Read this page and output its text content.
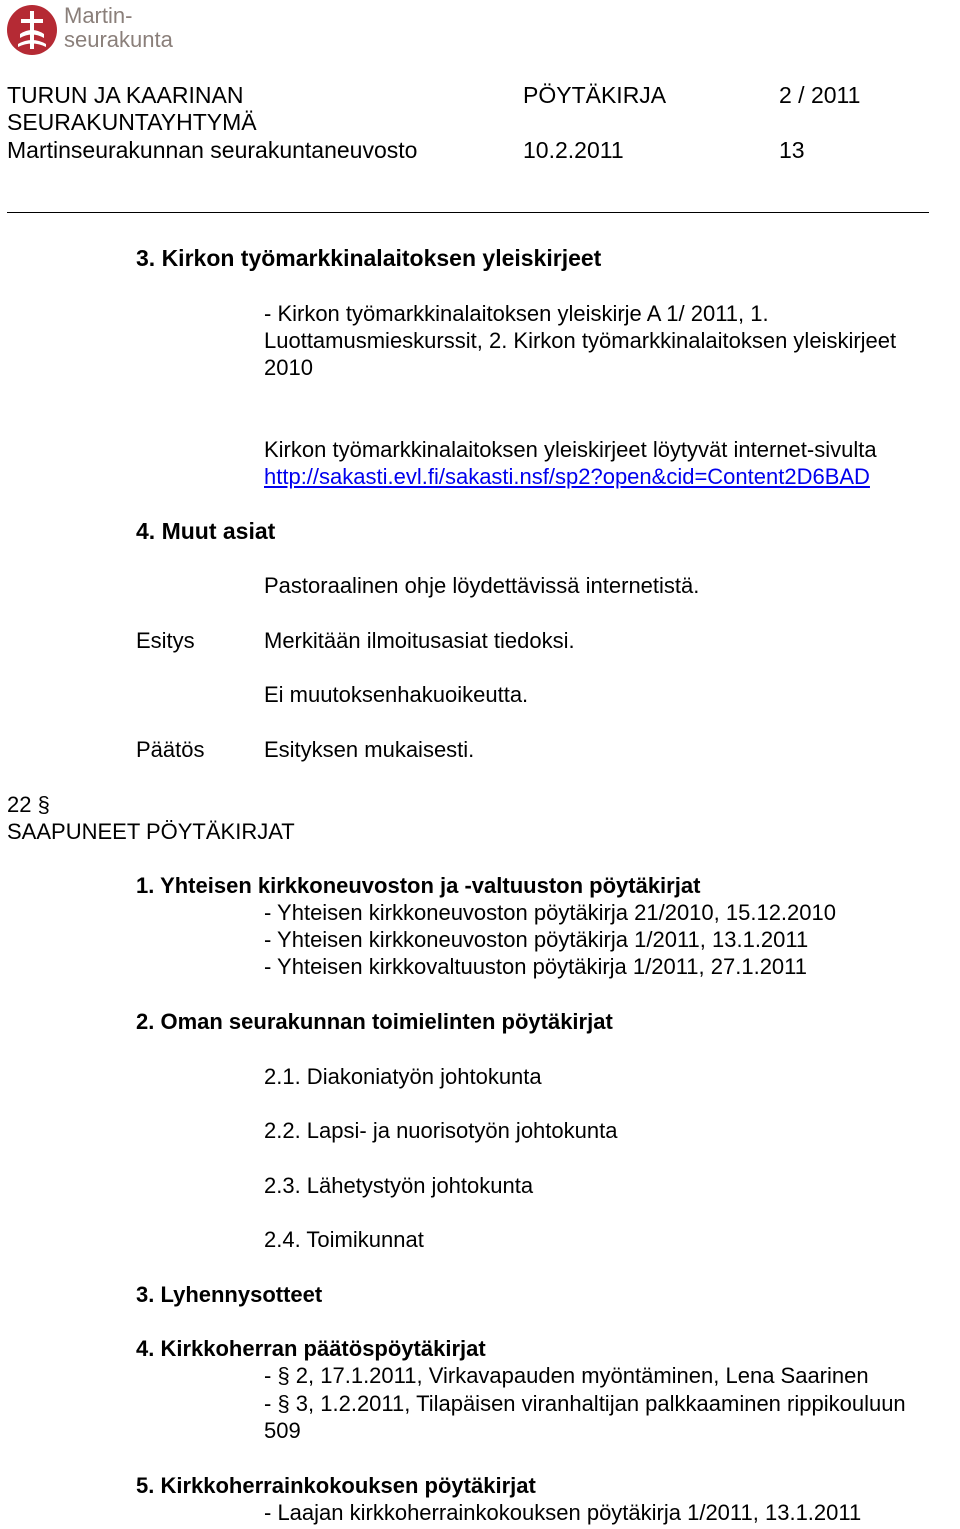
Martin-
seurakunta
TURUN JA KAARINAN	PÖYTÄKIRJA	2 / 2011
SEURAKUNTAYHTYMÄ
Martinseurakunnan seurakuntaneuvosto	10.2.2011	13
3. Kirkon työmarkkinalaitoksen yleiskirjeet
- Kirkon työmarkkinalaitoksen yleiskirje A 1/ 2011, 1.
Luottamusmieskurssit, 2. Kirkon työmarkkinalaitoksen yleiskirjeet
2010
Kirkon työmarkkinalaitoksen yleiskirjeet löytyvät internet-sivulta
http://sakasti.evl.fi/sakasti.nsf/sp2?open&cid=Content2D6BAD
4. Muut asiat
Pastoraalinen ohje löydettävissä internetistä.
Esitys	Merkitään ilmoitusasiat tiedoksi.
Ei muutoksenhakuoikeutta.
Päätös	Esityksen mukaisesti.
22 §
SAAPUNEET PÖYTÄKIRJAT
1. Yhteisen kirkkoneuvoston ja -valtuuston pöytäkirjat
- Yhteisen kirkkoneuvoston pöytäkirja 21/2010, 15.12.2010
- Yhteisen kirkkoneuvoston pöytäkirja 1/2011, 13.1.2011
- Yhteisen kirkkovaltuuston pöytäkirja 1/2011, 27.1.2011
2. Oman seurakunnan toimielinten pöytäkirjat
2.1. Diakoniatyön johtokunta
2.2. Lapsi- ja nuorisotyön johtokunta
2.3. Lähetystyön johtokunta
2.4. Toimikunnat
3. Lyhennysotteet
4. Kirkkoherran päätöspöytäkirjat
- § 2, 17.1.2011, Virkavapauden myöntäminen, Lena Saarinen
- § 3, 1.2.2011, Tilapäisen viranhaltijan palkkaaminen rippikouluun
509
5. Kirkkoherrainkokouksen pöytäkirjat
- Laajan kirkkoherrainkokouksen pöytäkirja 1/2011, 13.1.2011
